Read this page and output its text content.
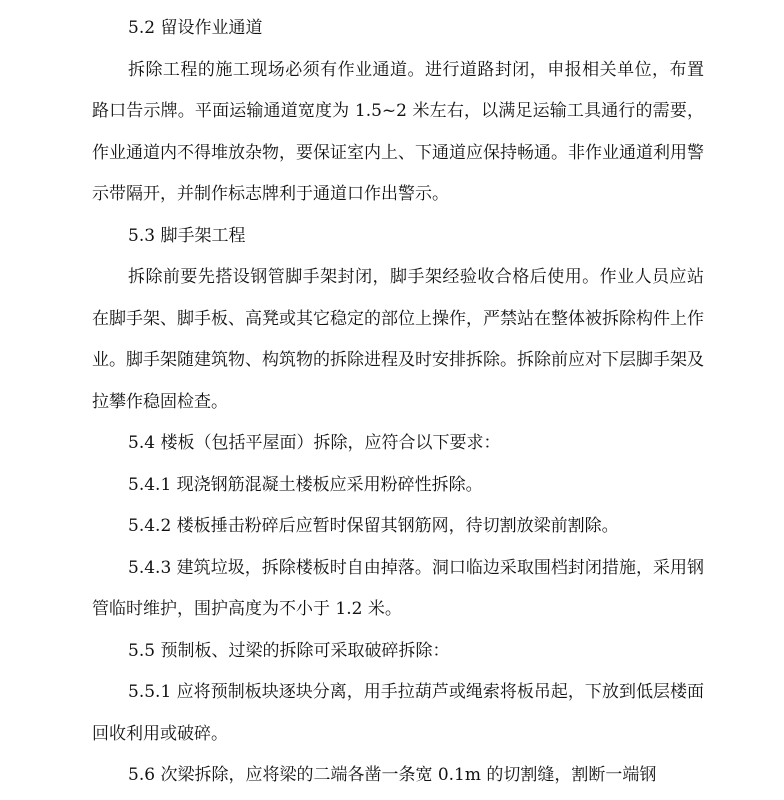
5.2 留设作业通道

拆除工程的施工现场必须有作业通道。进行道路封闭，申报相关单位，布置路口告示牌。平面运输通道宽度为 1.5~2 米左右，以满足运输工具通行的需要，作业通道内不得堆放杂物，要保证室内上、下通道应保持畅通。非作业通道利用警示带隔开，并制作标志牌利于通道口作出警示。

5.3 脚手架工程

拆除前要先搭设钢管脚手架封闭，脚手架经验收合格后使用。作业人员应站在脚手架、脚手板、高凳或其它稳定的部位上操作，严禁站在整体被拆除构件上作业。脚手架随建筑物、构筑物的拆除进程及时安排拆除。拆除前应对下层脚手架及拉攀作稳固检查。

5.4 楼板（包括平屋面）拆除，应符合以下要求：

5.4.1 现浇钢筋混凝土楼板应采用粉碎性拆除。

5.4.2 楼板捶击粉碎后应暂时保留其钢筋网，待切割放梁前割除。

5.4.3 建筑垃圾，拆除楼板时自由掉落。洞口临边采取围档封闭措施，采用钢管临时维护，围护高度为不小于 1.2 米。

5.5 预制板、过梁的拆除可采取破碎拆除：

5.5.1 应将预制板块逐块分离，用手拉葫芦或绳索将板吊起，下放到低层楼面回收利用或破碎。

5.6 次梁拆除，应将梁的二端各凿一条宽 0.1m 的切割缝，割断一端钢
